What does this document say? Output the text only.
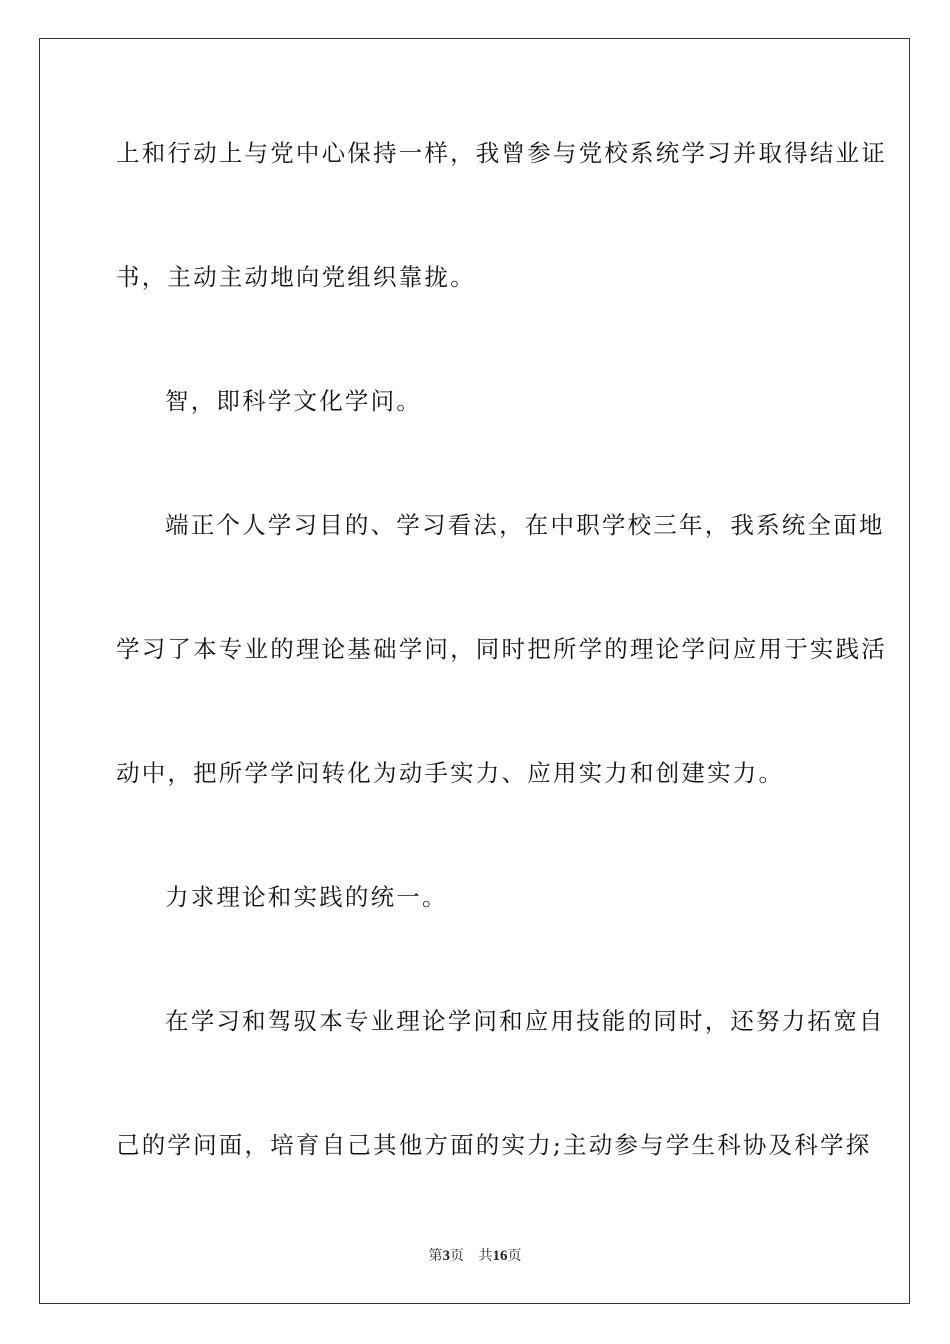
上和行动上与党中心保持一样，我曾参与党校系统学习并取得结业证
书，主动主动地向党组织靠拢。
智，即科学文化学问。
端正个人学习目的、学习看法，在中职学校三年，我系统全面地
学习了本专业的理论基础学问，同时把所学的理论学问应用于实践活
动中，把所学学问转化为动手实力、应用实力和创建实力。
力求理论和实践的统一。
在学习和驾驭本专业理论学问和应用技能的同时，还努力拓宽自
己的学问面，培育自己其他方面的实力;主动参与学生科协及科学探
第3页 共16页
